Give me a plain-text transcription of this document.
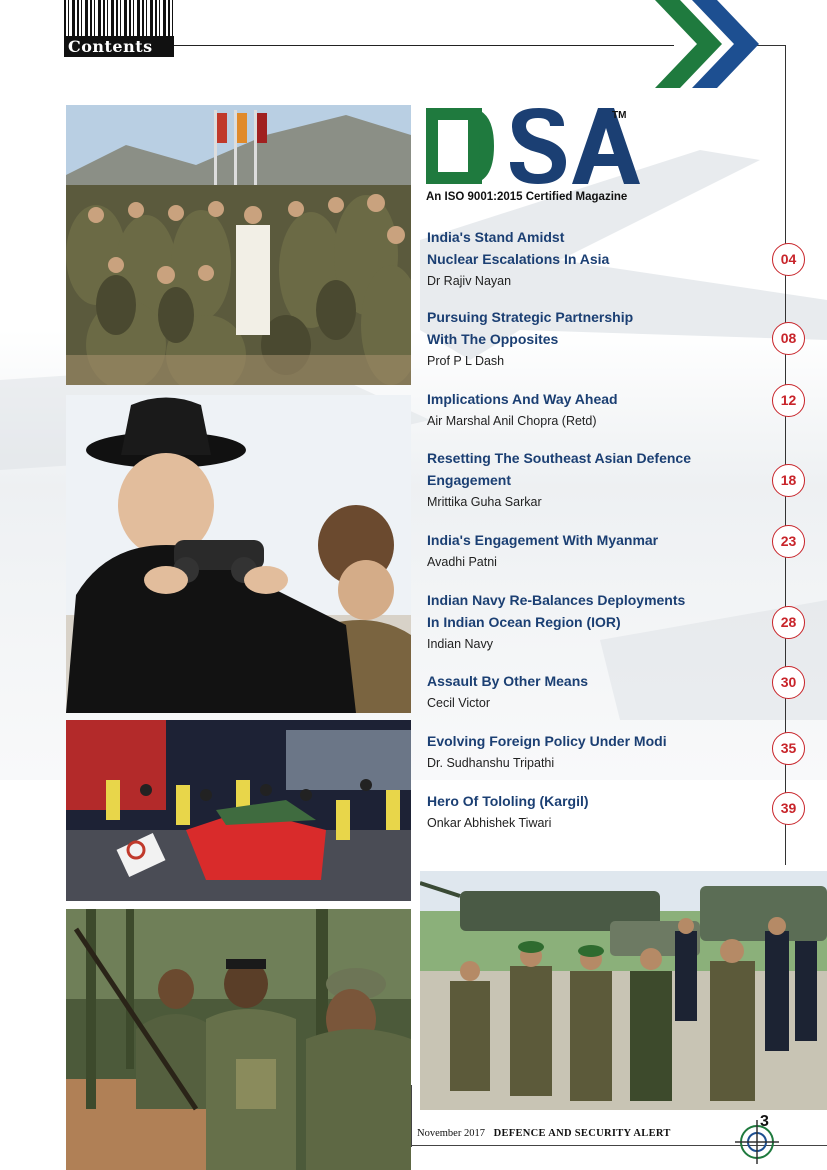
Contents
TM
An ISO 9001:2015 Certified Magazine
India's Stand Amidst
Nuclear Escalations In Asia
Dr Rajiv Nayan
04
Pursuing Strategic Partnership
With The Opposites
Prof P L Dash
08
Implications And Way Ahead
Air Marshal Anil Chopra (Retd)
12
Resetting The Southeast Asian Defence
Engagement
Mrittika Guha Sarkar
18
India's Engagement With Myanmar
Avadhi Patni
23
Indian Navy Re-Balances Deployments
In Indian Ocean Region (IOR)
Indian Navy
28
Assault By Other Means
Cecil Victor
30
Evolving Foreign Policy Under Modi
Dr. Sudhanshu Tripathi
35
Hero Of Tololing (Kargil)
Onkar Abhishek Tiwari
39
November 2017 DEFENCE AND SECURITY ALERT
3
